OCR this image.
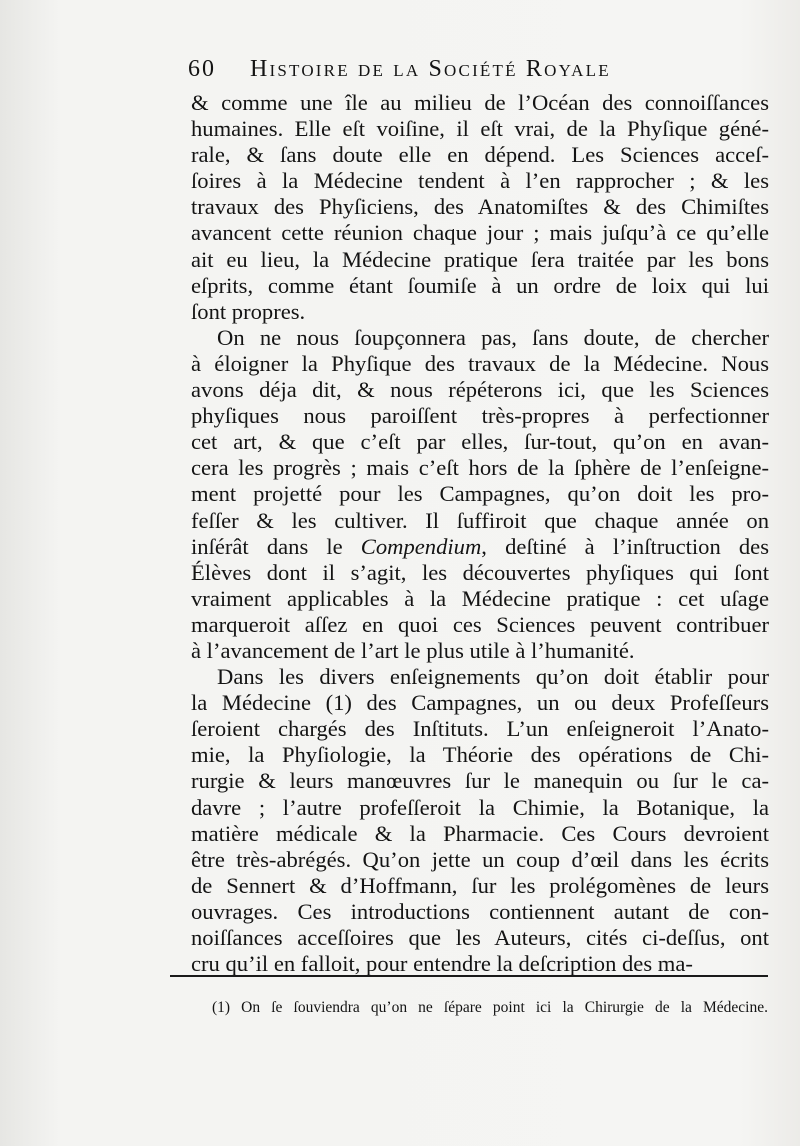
60 Histoire de la Société Royale
& comme une île au milieu de l’Océan des connoiſſances
humaines. Elle eſt voiſine, il eſt vrai, de la Phyſique géné-
rale, & ſans doute elle en dépend. Les Sciences acceſ-
ſoires à la Médecine tendent à l’en rapprocher ; & les
travaux des Phyſiciens, des Anatomiſtes & des Chimiſtes
avancent cette réunion chaque jour ; mais juſqu’à ce qu’elle
ait eu lieu, la Médecine pratique ſera traitée par les bons
eſprits, comme étant ſoumiſe à un ordre de loix qui lui
ſont propres.
On ne nous ſoupçonnera pas, ſans doute, de chercher
à éloigner la Phyſique des travaux de la Médecine. Nous
avons déja dit, & nous répéterons ici, que les Sciences
phyſiques nous paroiſſent très-propres à perfectionner
cet art, & que c’eſt par elles, ſur-tout, qu’on en avan-
cera les progrès ; mais c’eſt hors de la ſphère de l’enſeigne-
ment projetté pour les Campagnes, qu’on doit les pro-
feſſer & les cultiver. Il ſuffiroit que chaque année on
inſérât dans le Compendium, deſtiné à l’inſtruction des
Élèves dont il s’agit, les découvertes phyſiques qui ſont
vraiment applicables à la Médecine pratique : cet uſage
marqueroit aſſez en quoi ces Sciences peuvent contribuer
à l’avancement de l’art le plus utile à l’humanité.
Dans les divers enſeignements qu’on doit établir pour
la Médecine (1) des Campagnes, un ou deux Profeſſeurs
ſeroient chargés des Inſtituts. L’un enſeigneroit l’Anato-
mie, la Phyſiologie, la Théorie des opérations de Chi-
rurgie & leurs manœuvres ſur le manequin ou ſur le ca-
davre ; l’autre profeſſeroit la Chimie, la Botanique, la
matière médicale & la Pharmacie. Ces Cours devroient
être très-abrégés. Qu’on jette un coup d’œil dans les écrits
de Sennert & d’Hoffmann, ſur les prolégomènes de leurs
ouvrages. Ces introductions contiennent autant de con-
noiſſances acceſſoires que les Auteurs, cités ci-deſſus, ont
cru qu’il en falloit, pour entendre la deſcription des ma-
(1) On ſe ſouviendra qu’on ne ſépare point ici la Chirurgie de la Médecine.
